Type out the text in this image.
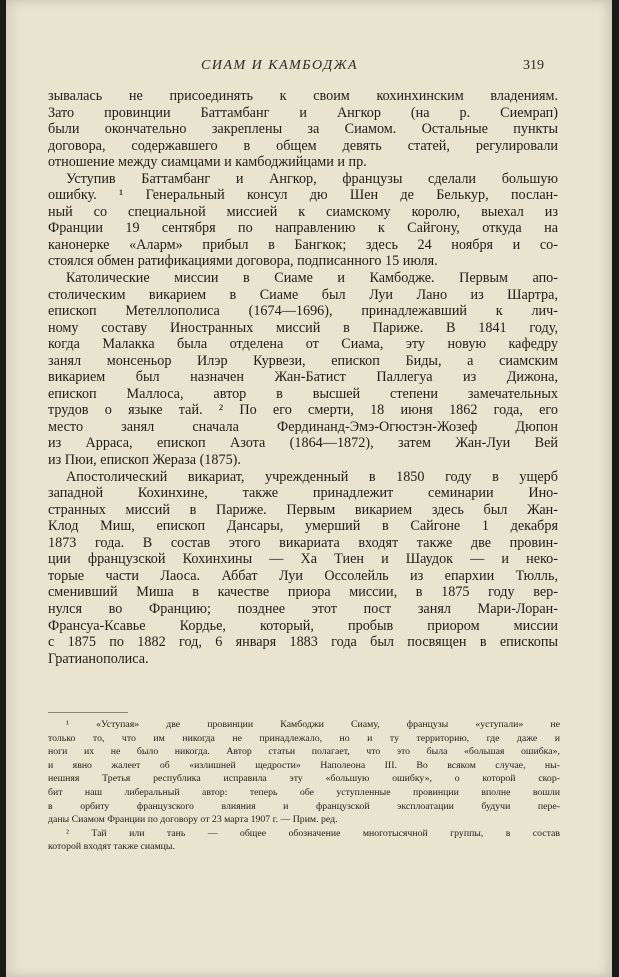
СИАМ И КАМБОДЖА	319
зывалась не присоединять к своим кохинхинским владениям.
Зато провинции Баттамбанг и Ангкор (на р. Сиемрап)
были окончательно закреплены за Сиамом. Остальные пункты
договора, содержавшего в общем девять статей, регулировали
отношение между сиамцами и камбоджийцами и пр.
Уступив Баттамбанг и Ангкор, французы сделали большую
ошибку. ¹ Генеральный консул дю Шен де Белькур, послан-
ный со специальной миссией к сиамскому королю, выехал из
Франции 19 сентября по направлению к Сайгону, откуда на
канонерке «Аларм» прибыл в Бангкок; здесь 24 ноября и со-
стоялся обмен ратификациями договора, подписанного 15 июля.
Католические миссии в Сиаме и Камбодже. Первым апо-
столическим викарием в Сиаме был Луи Лано из Шартра,
епископ Метеллополиса (1674—1696), принадлежавший к лич-
ному составу Иностранных миссий в Париже. В 1841 году,
когда Малакка была отделена от Сиама, эту новую кафедру
занял монсеньор Илэр Курвези, епископ Биды, а сиамским
викарием был назначен Жан-Батист Паллегуа из Дижона,
епископ Маллоса, автор в высшей степени замечательных
трудов о языке тай. ² По его смерти, 18 июня 1862 года, его
место занял сначала Фердинанд-Эмэ-Огюстэн-Жозеф Дюпон
из Арраса, епископ Азота (1864—1872), затем Жан-Луи Вей
из Пюи, епископ Жераза (1875).
Апостолический викариат, учрежденный в 1850 году в ущерб
западной Кохинхине, также принадлежит семинарии Ино-
странных миссий в Париже. Первым викарием здесь был Жан-
Клод Миш, епископ Дансары, умерший в Сайгоне 1 декабря
1873 года. В состав этого викариата входят также две провин-
ции французской Кохинхины — Ха Тиен и Шаудок — и неко-
торые части Лаоса. Аббат Луи Оссолейль из епархии Тюлль,
сменивший Миша в качестве приора миссии, в 1875 году вер-
нулся во Францию; позднее этот пост занял Мари-Лоран-
Франсуа-Ксавье Кордье, который, пробыв приором миссии
с 1875 по 1882 год, 6 января 1883 года был посвящен в епископы
Гратианополиса.
¹ «Уступая» две провинции Камбоджи Сиаму, французы «уступали» не
только то, что им никогда не принадлежало, но и ту территорию, где даже и
ноги их не было никогда. Автор статьи полагает, что это была «большая ошибка»,
и явно жалеет об «излишней щедрости» Наполеона III. Во всяком случае, ны-
нешняя Третья республика исправила эту «большую ошибку», о которой скор-
бит наш либеральный автор: теперь обе уступленные провинции вполне вошли
в орбиту французского влияния и французской эксплоатации будучи пере-
даны Сиамом Франции по договору от 23 марта 1907 г. — Прим. ред.
² Тай или тань — общее обозначение многотысячной группы, в состав
которой входят также сиамцы.
